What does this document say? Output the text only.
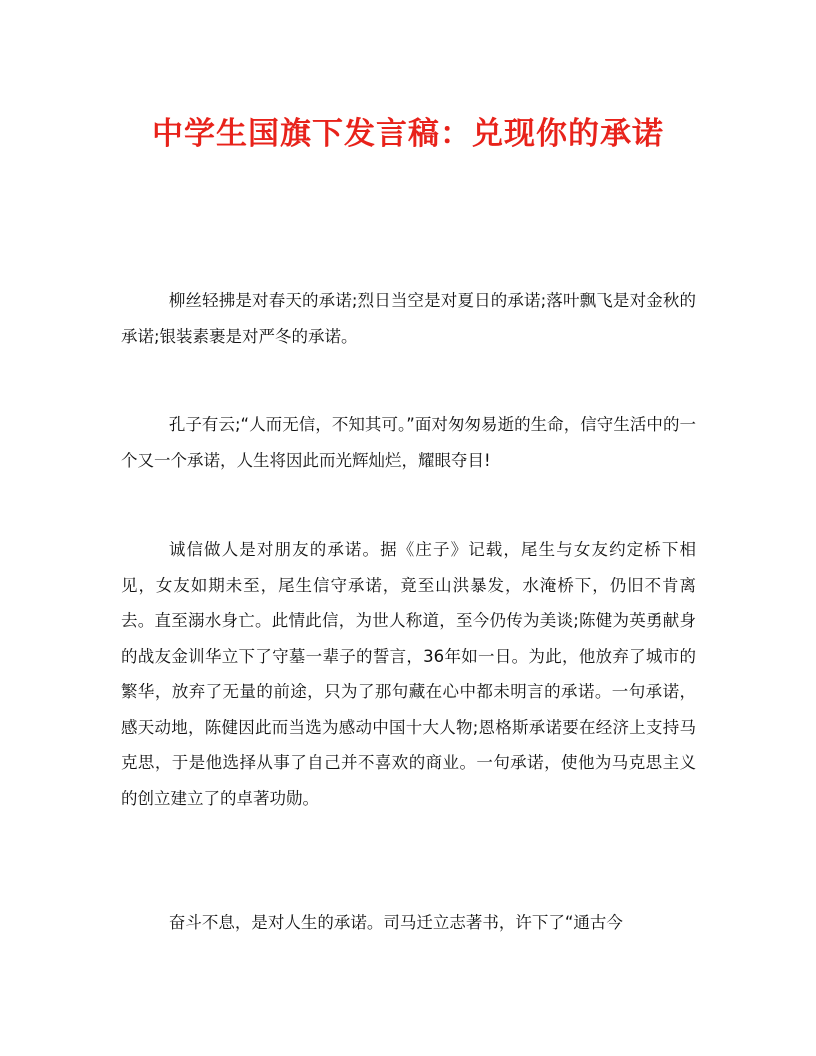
中学生国旗下发言稿：兑现你的承诺

柳丝轻拂是对春天的承诺;烈日当空是对夏日的承诺;落叶飘飞是对金秋的承诺;银装素裹是对严冬的承诺。

孔子有云;“人而无信，不知其可。”面对匆匆易逝的生命，信守生活中的一个又一个承诺，人生将因此而光辉灿烂，耀眼夺目!

诚信做人是对朋友的承诺。据《庄子》记载，尾生与女友约定桥下相见，女友如期未至，尾生信守承诺，竟至山洪暴发，水淹桥下，仍旧不肯离去。直至溺水身亡。此情此信，为世人称道，至今仍传为美谈;陈健为英勇献身的战友金训华立下了守墓一辈子的誓言，36年如一日。为此，他放弃了城市的繁华，放弃了无量的前途，只为了那句藏在心中都未明言的承诺。一句承诺，感天动地，陈健因此而当选为感动中国十大人物;恩格斯承诺要在经济上支持马克思，于是他选择从事了自己并不喜欢的商业。一句承诺，使他为马克思主义的创立建立了的卓著功勋。

奋斗不息，是对人生的承诺。司马迁立志著书，许下了“通古今
